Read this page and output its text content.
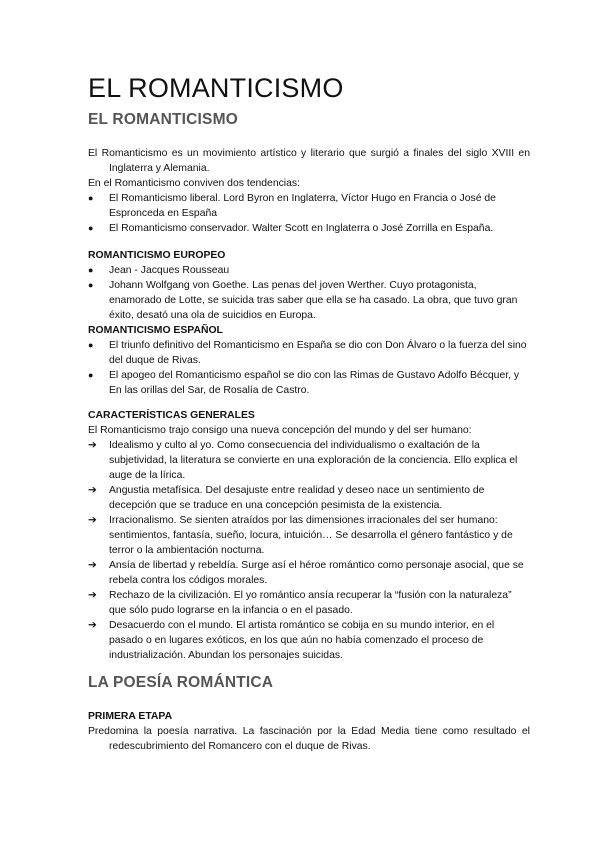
EL ROMANTICISMO
EL ROMANTICISMO

El Romanticismo es un movimiento artístico y literario que surgió a finales del siglo XVIII en Inglaterra y Alemania.

En el Romanticismo conviven dos tendencias:

●	El Romanticismo liberal. Lord Byron en Inglaterra, Víctor Hugo en Francia o José de Espronceda en España
●	El Romanticismo conservador. Walter Scott en Inglaterra o José Zorrilla en España.

ROMANTICISMO EUROPEO

●	Jean - Jacques Rousseau
●	Johann Wolfgang von Goethe. Las penas del joven Werther. Cuyo protagonista, enamorado de Lotte, se suicida tras saber que ella se ha casado. La obra, que tuvo gran éxito, desató una ola de suicidios en Europa.

ROMANTICISMO ESPAÑOL

●	El triunfo definitivo del Romanticismo en España se dio con Don Álvaro o la fuerza del sino del duque de Rivas.
●	El apogeo del Romanticismo español se dio con las Rimas de Gustavo Adolfo Bécquer, y En las orillas del Sar, de Rosalía de Castro.

CARACTERÍSTICAS GENERALES

El Romanticismo trajo consigo una nueva concepción del mundo y del ser humano:

➔	Idealismo y culto al yo. Como consecuencia del individualismo o exaltación de la subjetividad, la literatura se convierte en una exploración de la conciencia. Ello explica el auge de la lírica.
➔	Angustia metafísica. Del desajuste entre realidad y deseo nace un sentimiento de decepción que se traduce en una concepción pesimista de la existencia.
➔	Irracionalismo. Se sienten atraídos por las dimensiones irracionales del ser humano: sentimientos, fantasía, sueño, locura, intuición… Se desarrolla el género fantástico y de terror o la ambientación nocturna.
➔	Ansía de libertad y rebeldía. Surge así el héroe romántico como personaje asocial, que se rebela contra los códigos morales.
➔	Rechazo de la civilización. El yo romántico ansía recuperar la “fusión con la naturaleza” que sólo pudo lograrse en la infancia o en el pasado.
➔	Desacuerdo con el mundo. El artista romántico se cobija en su mundo interior, en el pasado o en lugares exóticos, en los que aún no había comenzado el proceso de industrialización. Abundan los personajes suicidas.
LA POESÍA ROMÁNTICA

PRIMERA ETAPA

Predomina la poesía narrativa. La fascinación por la Edad Media tiene como resultado el redescubrimiento del Romancero con el duque de Rivas.
